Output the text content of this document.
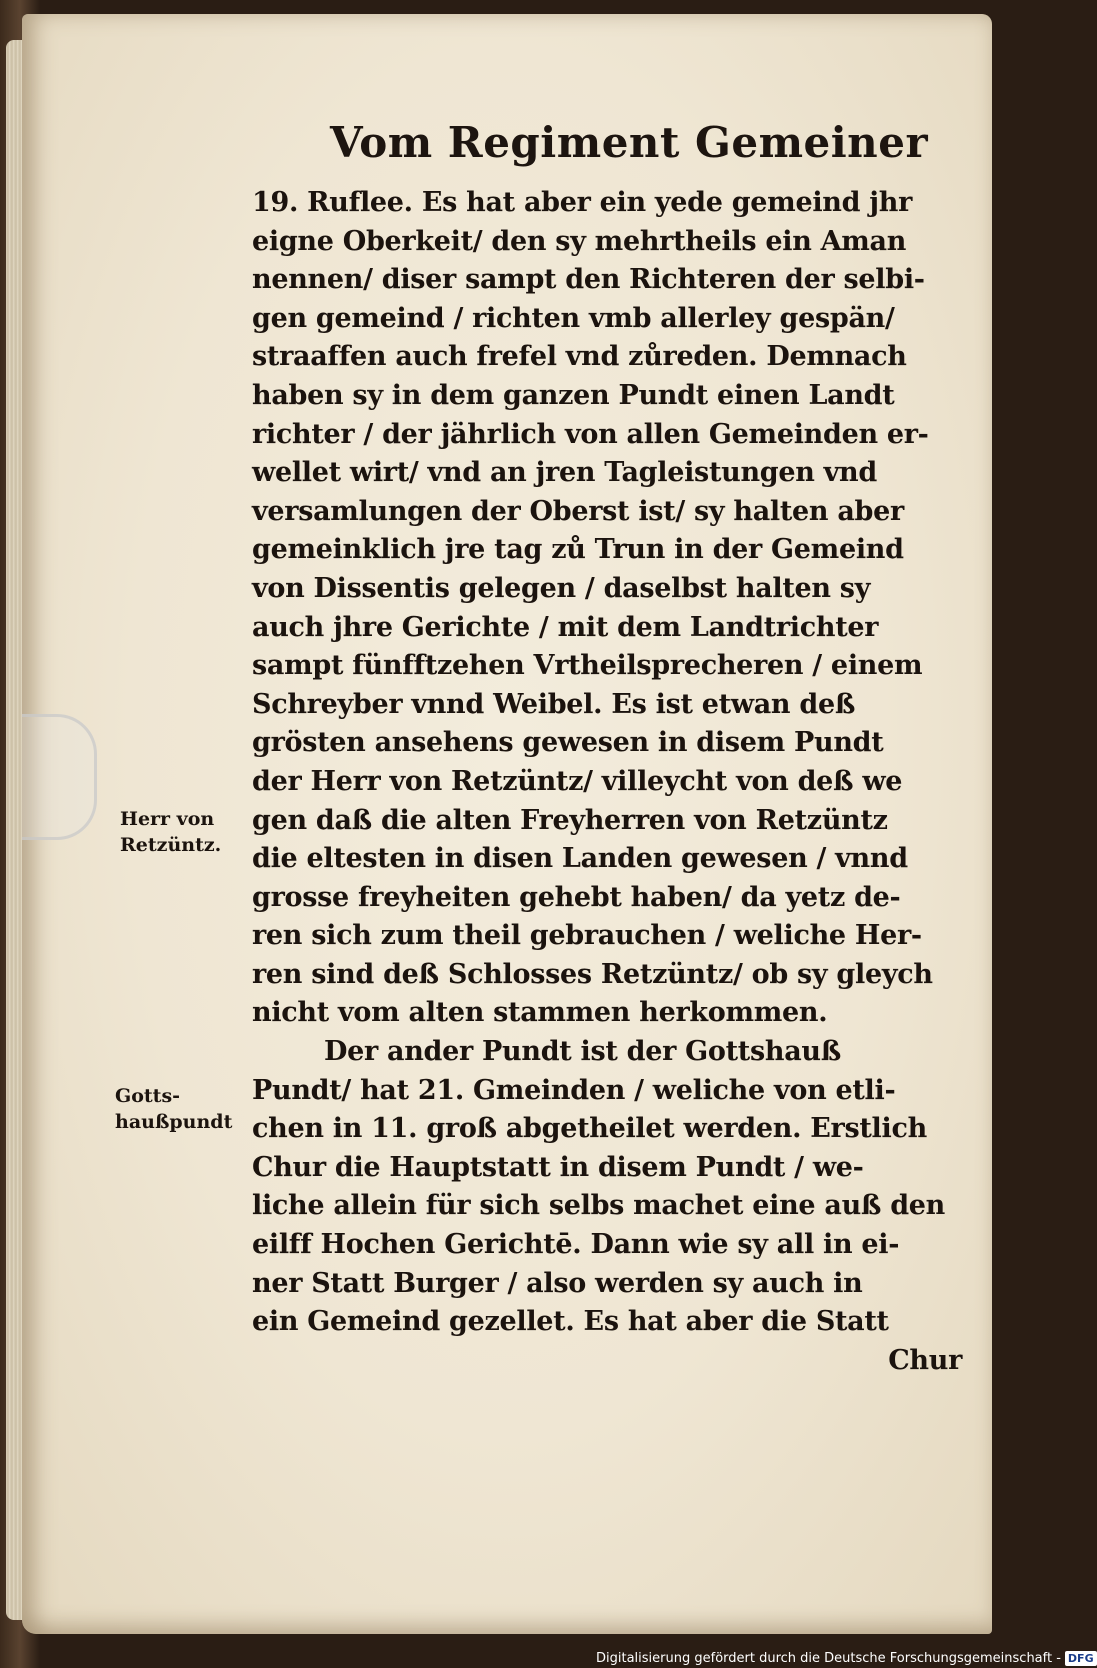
Vom Regiment Gemeiner
Herr von
Retzüntz.
Gotts-
haußpundt
19. Ruflee. Es hat aber ein yede gemeind jhr
eigne Oberkeit/ den sy mehrtheils ein Aman
nennen/ diser sampt den Richteren der selbi-
gen gemeind / richten vmb allerley gespän/
straaffen auch frefel vnd zůreden. Demnach
haben sy in dem ganzen Pundt einen Landt
richter / der jährlich von allen Gemeinden er-
wellet wirt/ vnd an jren Tagleistungen vnd
versamlungen der Oberst ist/ sy halten aber
gemeinklich jre tag zů Trun in der Gemeind
von Dissentis gelegen / daselbst halten sy
auch jhre Gerichte / mit dem Landtrichter
sampt fünfftzehen Vrtheilsprecheren / einem
Schreyber vnnd Weibel. Es ist etwan deß
grösten ansehens gewesen in disem Pundt
der Herr von Retzüntz/ villeycht von deß we
gen daß die alten Freyherren von Retzüntz
die eltesten in disen Landen gewesen / vnnd
grosse freyheiten gehebt haben/ da yetz de-
ren sich zum theil gebrauchen / weliche Her-
ren sind deß Schlosses Retzüntz/ ob sy gleych
nicht vom alten stammen herkommen.
Der ander Pundt ist der Gottshauß
Pundt/ hat 21. Gmeinden / weliche von etli-
chen in 11. groß abgetheilet werden. Erstlich
Chur die Hauptstatt in disem Pundt / we-
liche allein für sich selbs machet eine auß den
eilff Hochen Gerichtē. Dann wie sy all in ei-
ner Statt Burger / also werden sy auch in
ein Gemeind gezellet. Es hat aber die Statt
Chur
Digitalisierung gefördert durch die Deutsche Forschungsgemeinschaft - DFG
